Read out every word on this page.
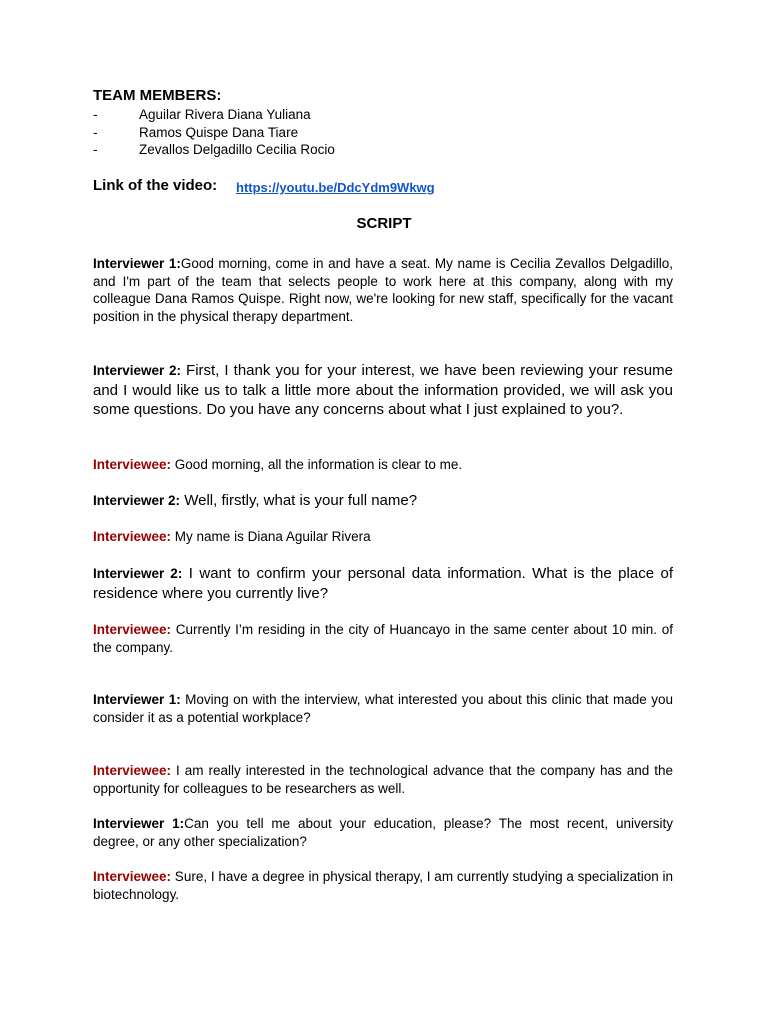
TEAM MEMBERS:
-	Aguilar Rivera Diana Yuliana
-	Ramos Quispe Dana Tiare
-	Zevallos Delgadillo Cecilia Rocio
Link of the video: https://youtu.be/DdcYdm9Wkwg
SCRIPT

Interviewer 1:Good morning, come in and have a seat. My name is Cecilia Zevallos Delgadillo, and I'm part of the team that selects people to work here at this company, along with my colleague Dana Ramos Quispe. Right now, we're looking for new staff, specifically for the vacant position in the physical therapy department.

Interviewer 2: First, I thank you for your interest, we have been reviewing your resume and I would like us to talk a little more about the information provided, we will ask you some questions. Do you have any concerns about what I just explained to you?.

Interviewee: Good morning, all the information is clear to me.

Interviewer 2: Well, firstly, what is your full name?

Interviewee: My name is Diana Aguilar Rivera

Interviewer 2: I want to confirm your personal data information. What is the place of residence where you currently live?

Interviewee: Currently I’m residing in the city of Huancayo in the same center about 10 min. of the company.

Interviewer 1: Moving on with the interview, what interested you about this clinic that made you consider it as a potential workplace?

Interviewee: I am really interested in the technological advance that the company has and the opportunity for colleagues to be researchers as well.

Interviewer 1:Can you tell me about your education, please? The most recent, university degree, or any other specialization?

Interviewee: Sure, I have a degree in physical therapy, I am currently studying a specialization in biotechnology.
